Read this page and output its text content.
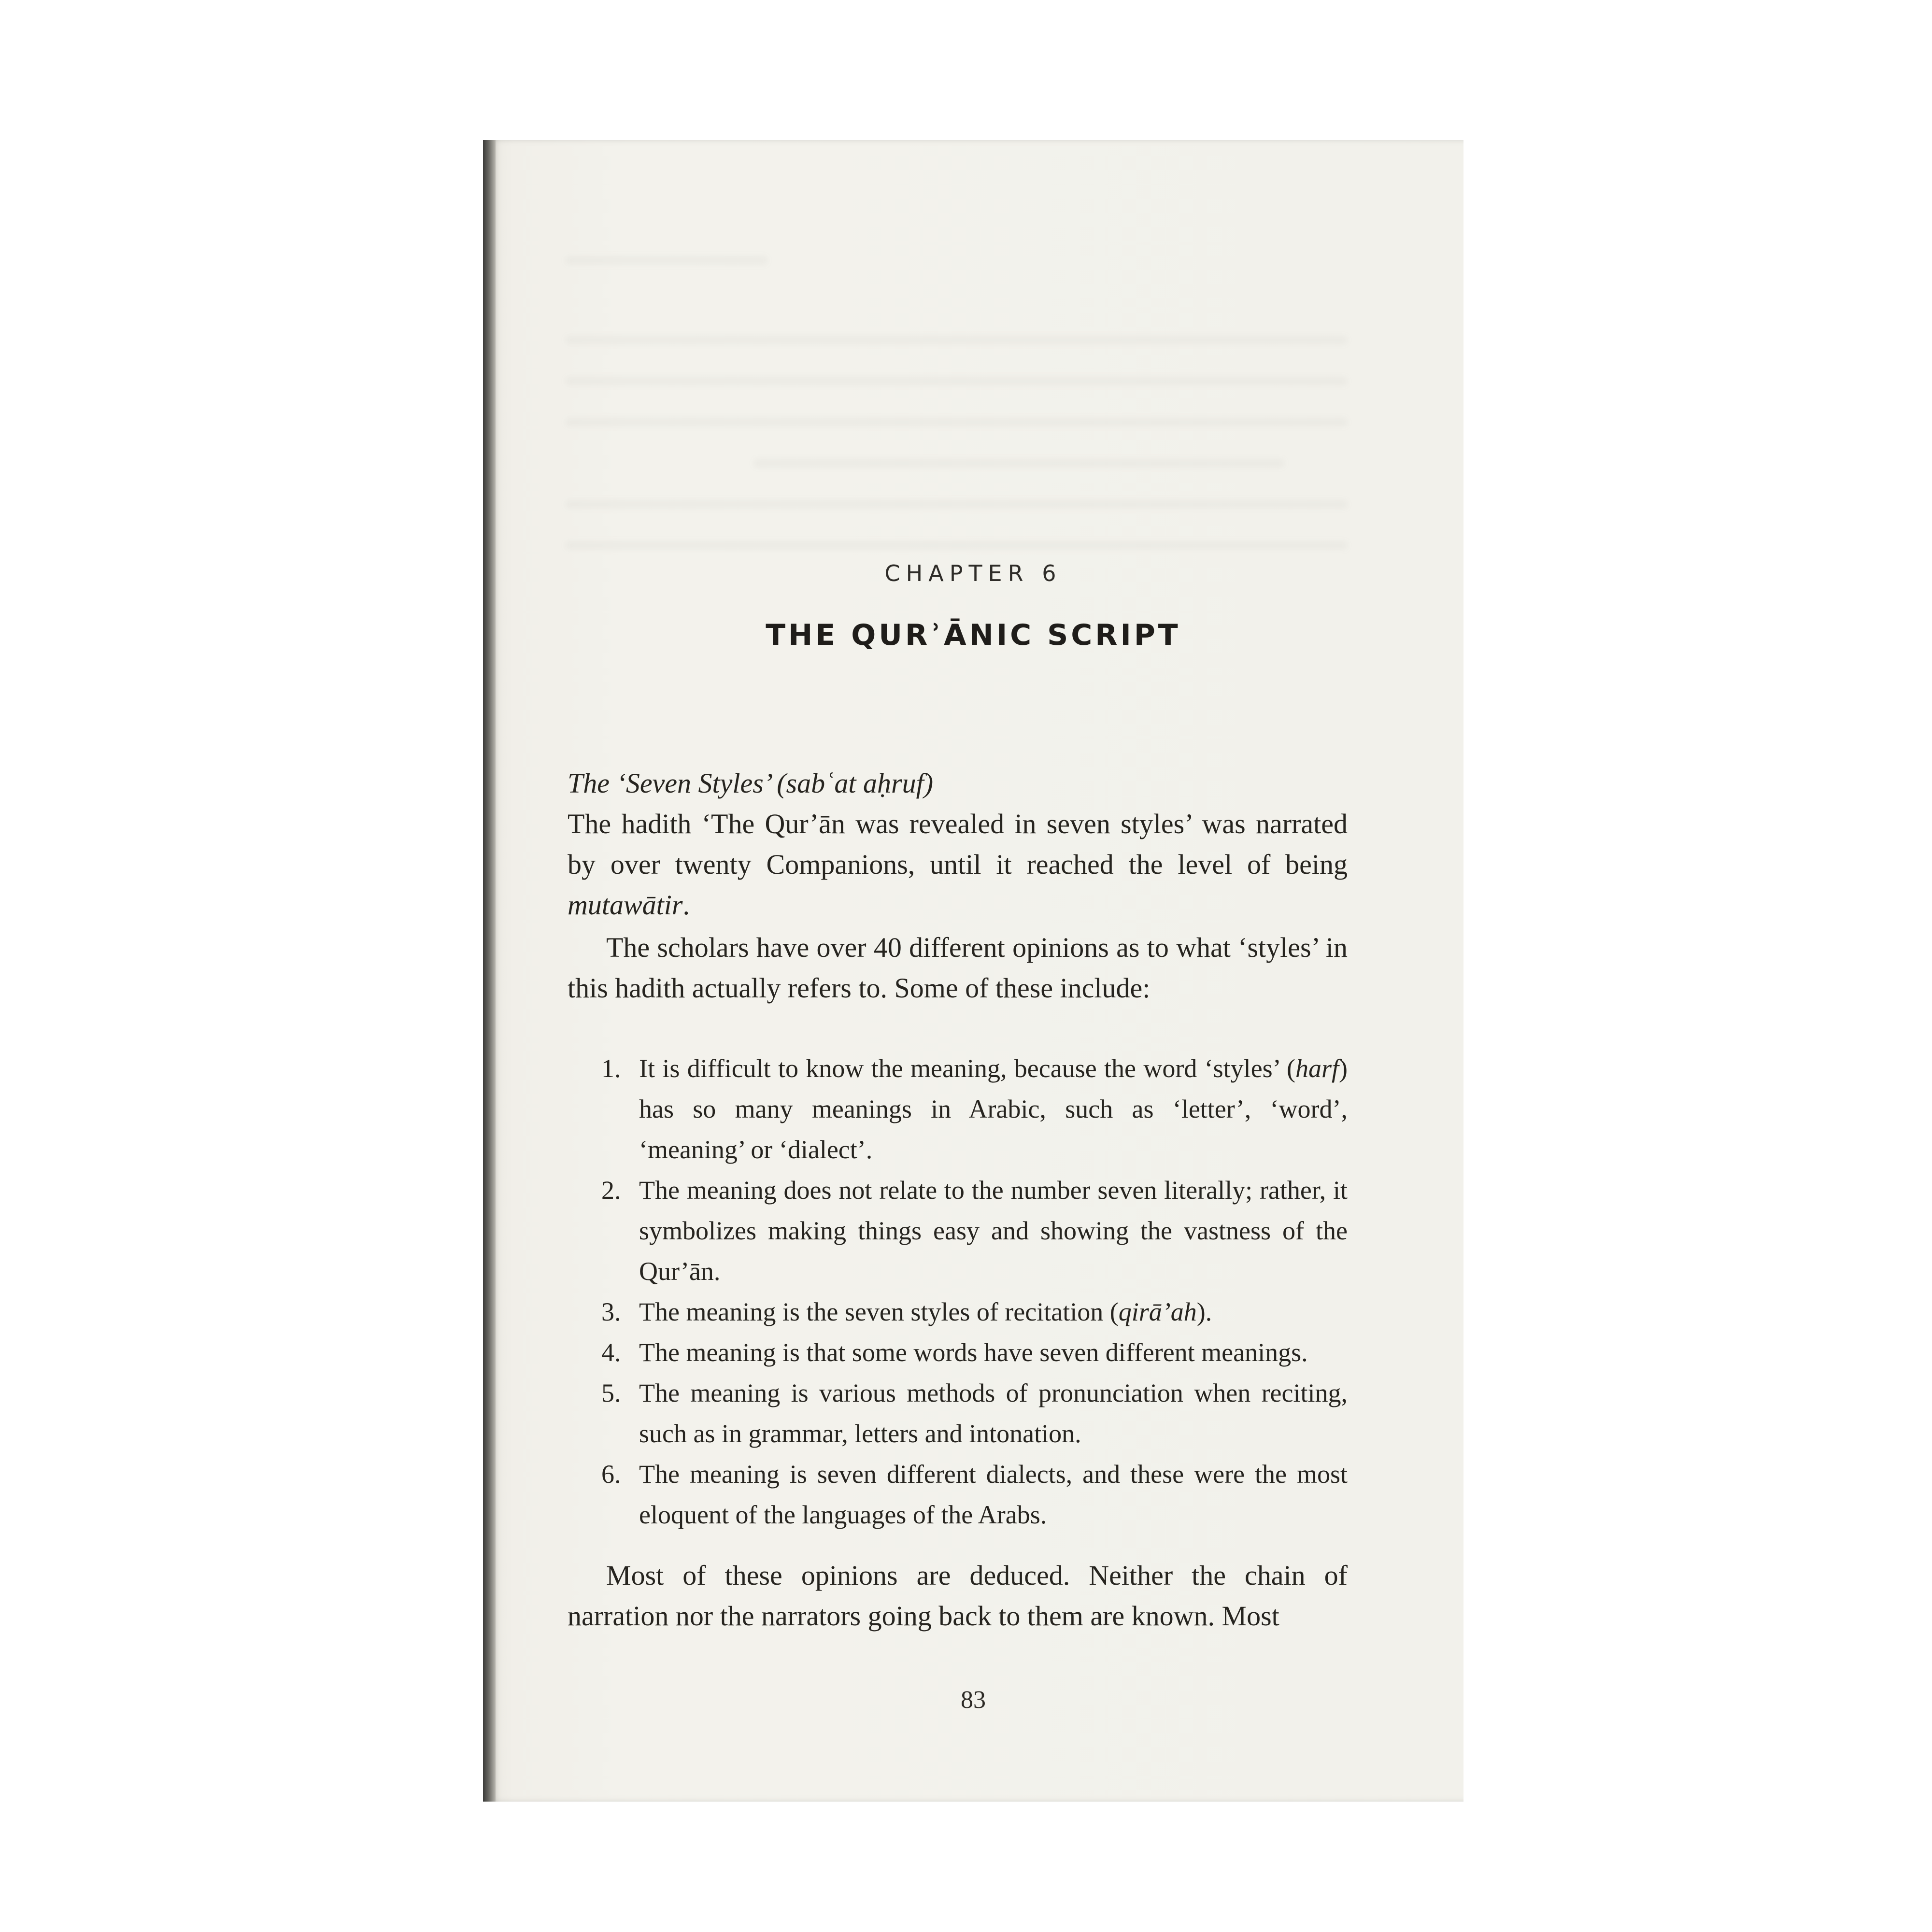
CHAPTER 6
THE QURʾĀNIC SCRIPT
The ‘Seven Styles’ (sabʿat aḥruf)
The hadith ‘The Qur’ān was revealed in seven styles’ was narrated by over twenty Companions, until it reached the level of being mutawātir.
The scholars have over 40 different opinions as to what ‘styles’ in this hadith actually refers to. Some of these include:
1. It is difficult to know the meaning, because the word ‘styles’ (harf) has so many meanings in Arabic, such as ‘letter’, ‘word’, ‘meaning’ or ‘dialect’.
2. The meaning does not relate to the number seven literally; rather, it symbolizes making things easy and showing the vastness of the Qur’ān.
3. The meaning is the seven styles of recitation (qirā’ah).
4. The meaning is that some words have seven different meanings.
5. The meaning is various methods of pronunciation when reciting, such as in grammar, letters and intonation.
6. The meaning is seven different dialects, and these were the most eloquent of the languages of the Arabs.
Most of these opinions are deduced. Neither the chain of narration nor the narrators going back to them are known. Most
83
